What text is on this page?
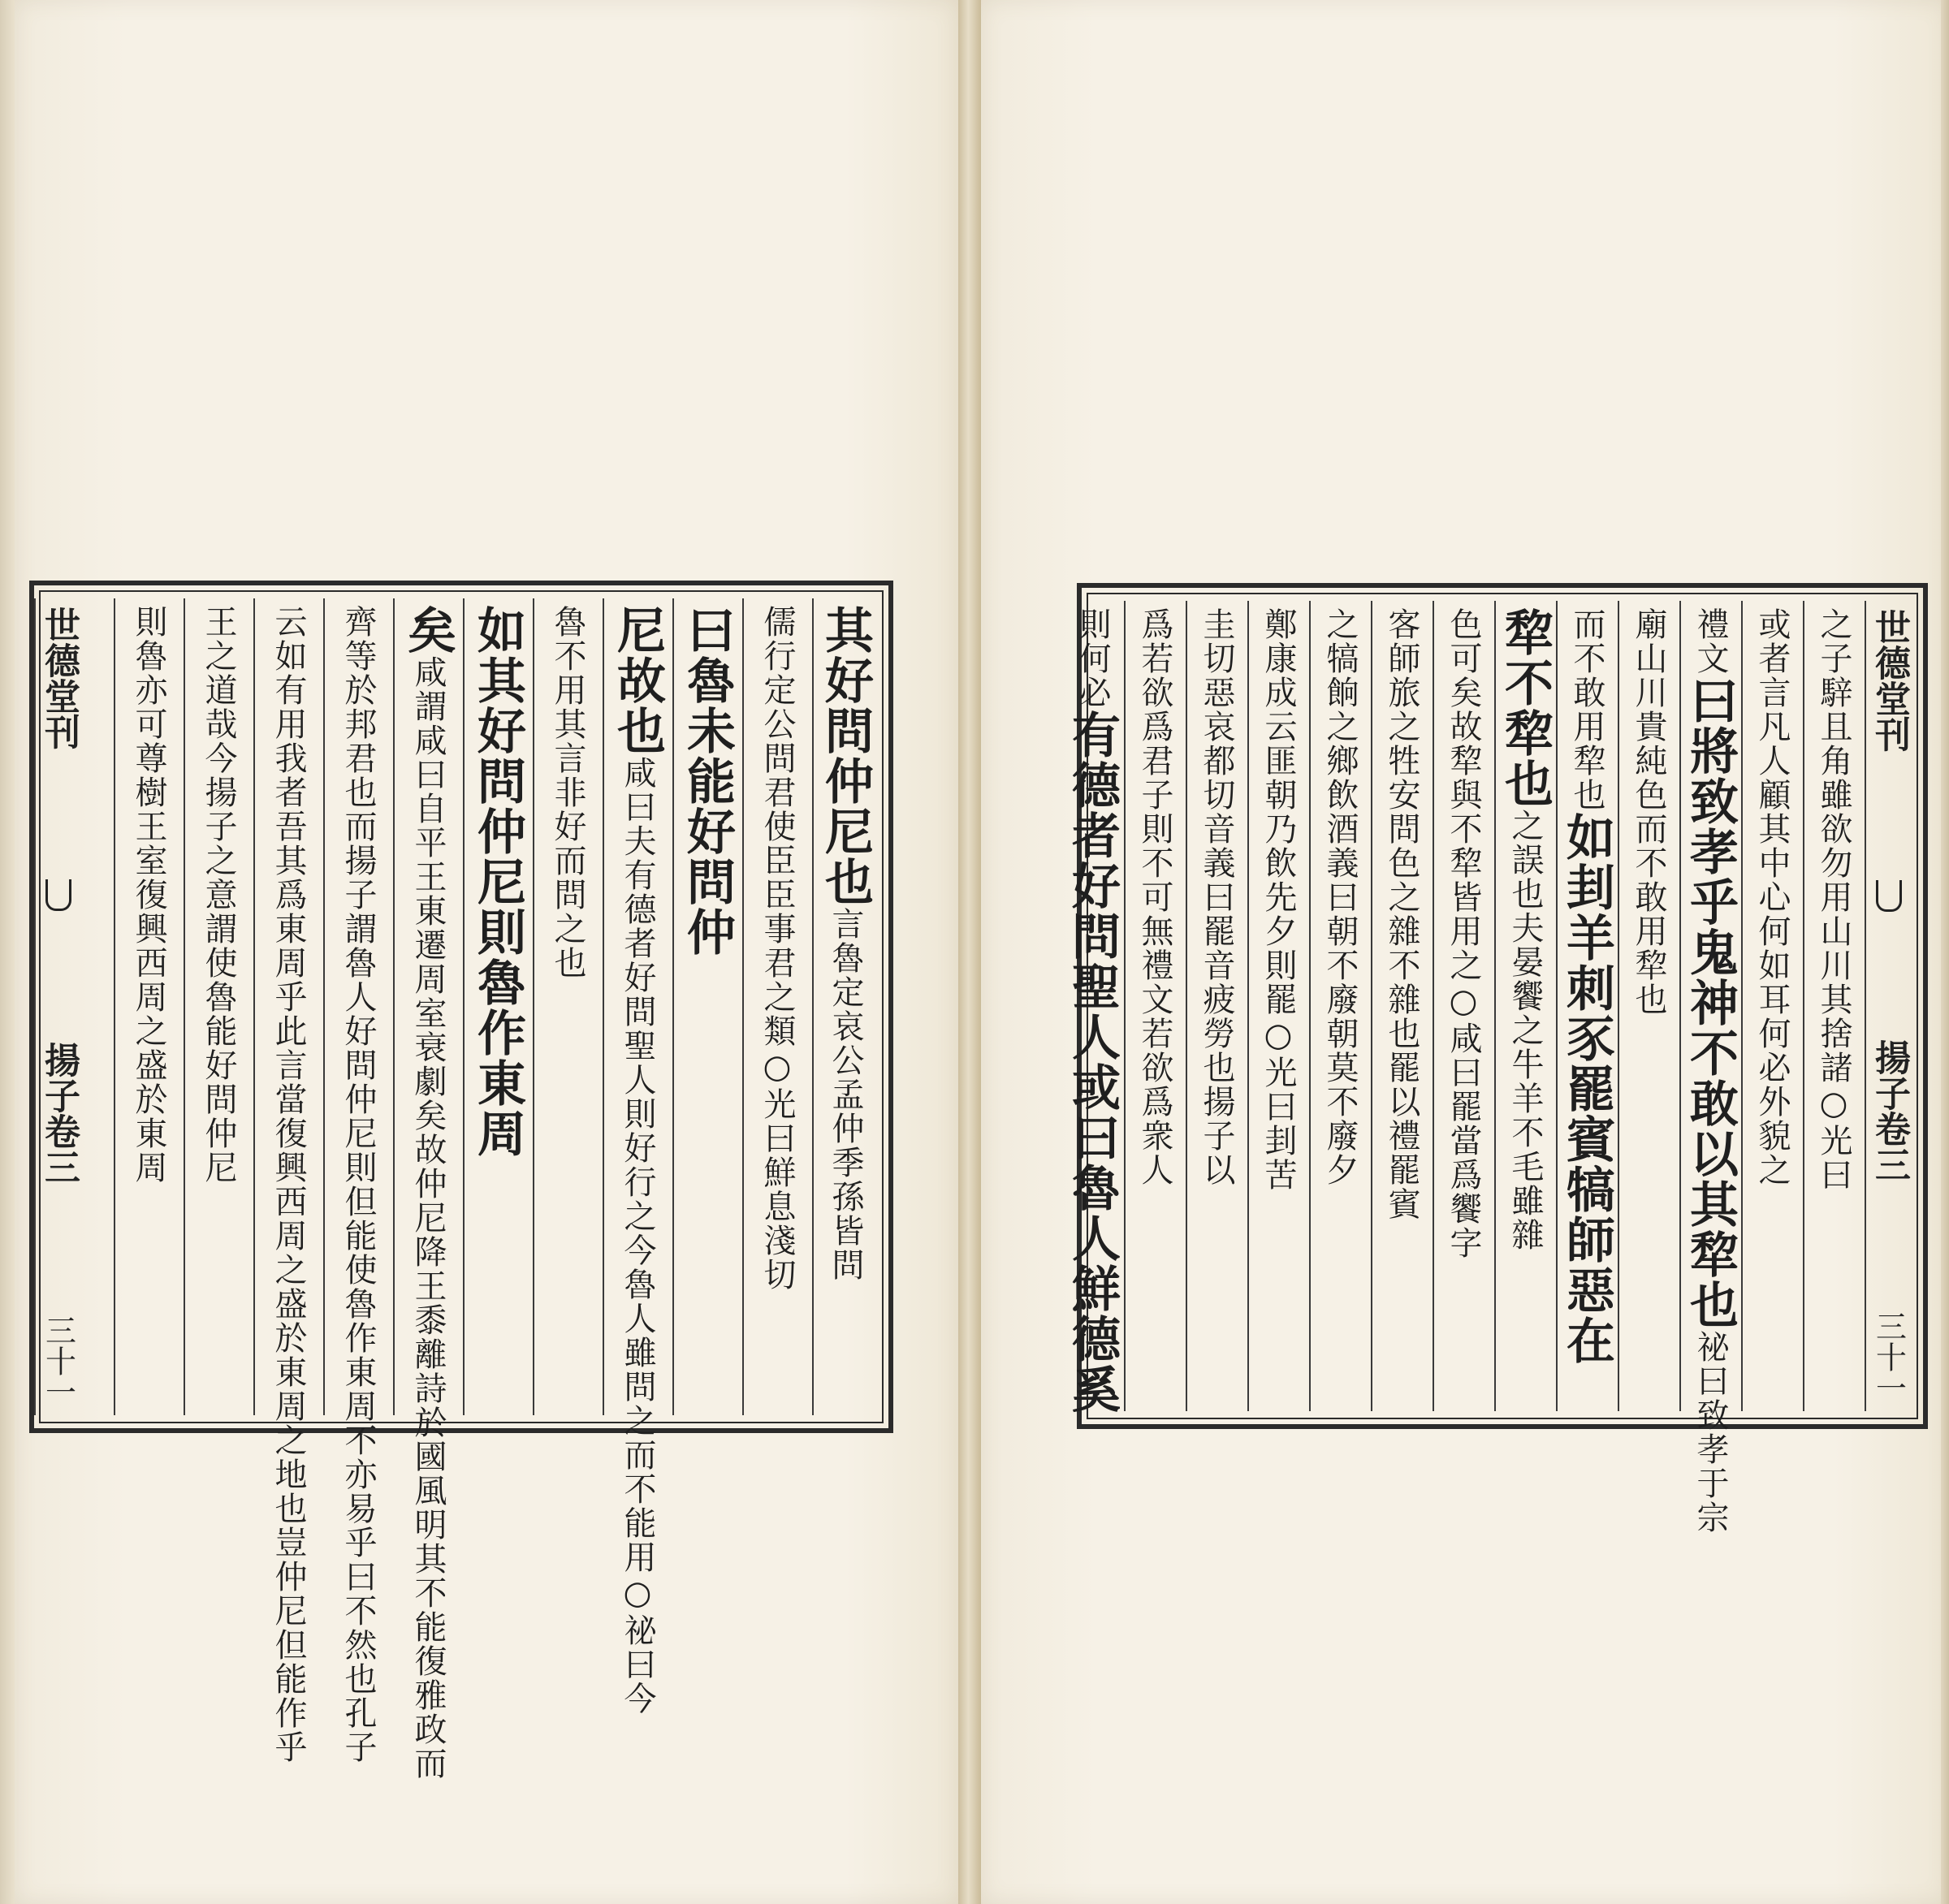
其好問仲尼也
言魯定哀公孟仲季孫皆問
儒行定公問君使臣臣事君之類○光曰
鮮息淺切
曰魯未能好問仲
尼故也
咸曰夫有德者好問聖人則好行之今魯人雖問之而不能用○祕曰今
魯不用其言非好而問之也
如其好問仲尼則魯作東周
矣
咸謂咸曰自平王東遷周室衰劇矣故仲尼降王黍離詩於國風明其不能復雅政而
齊等於邦君也而揚子謂魯人好問仲尼則但能使魯作東周不亦易乎曰不然也孔子
云如有用我者吾其爲東周乎此言當復興西周之盛於東周之地也豈仲尼但能作乎
王之道哉今揚子之意謂使魯能好問仲尼
則魯亦可尊樹王室復興西周之盛於東周
世德堂刊
揚子卷三
三十一
世德堂刊
揚子卷三
三十一
之子騂且角雖欲勿用山川其捨諸○光曰
或者言凡人顧其中心何如耳何必外貌之
禮文
曰將致孝乎鬼神不敢以其犂也
祕曰致孝于宗
廟山川貴純色而不敢用犂也
而不敢用犂也
如刲羊刺豕罷賓犒師惡在
犂不犂也
之誤也夫晏饗之牛羊不毛雖雜
色可矣故犂與不犂皆用之○咸曰罷當爲饗字
客師旅之牲安問色之雜不雜也罷以禮罷賓
之犒餉之鄉飲酒義曰朝不廢朝莫不廢夕
鄭康成云匪朝乃飲先夕則罷○光曰刲苦
圭切惡哀都切音義曰罷音疲勞也揚子以
爲若欲爲君子則不可無禮文若欲爲衆人
則何必
有德者好問聖人或曰魯人鮮德奚
